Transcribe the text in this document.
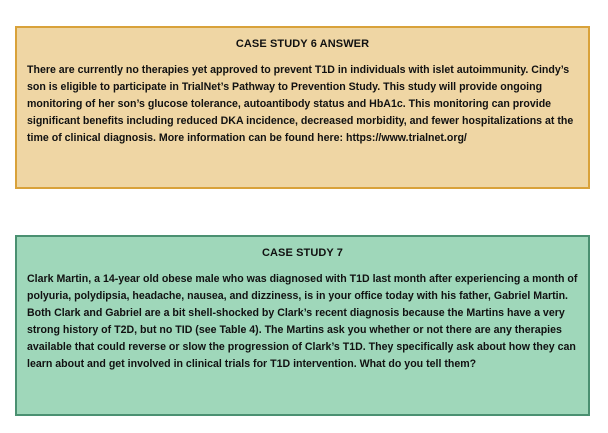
CASE STUDY 6 ANSWER

There are currently no therapies yet approved to prevent T1D in individuals with islet autoimmunity. Cindy’s son is eligible to participate in TrialNet’s Pathway to Prevention Study. This study will provide ongoing monitoring of her son’s glucose tolerance, autoantibody status and HbA1c. This monitoring can provide significant benefits including reduced DKA incidence, decreased morbidity, and fewer hospitalizations at the time of clinical diagnosis. More information can be found here: https://www.trialnet.org/

CASE STUDY 7

Clark Martin, a 14-year old obese male who was diagnosed with T1D last month after experiencing a month of polyuria, polydipsia, headache, nausea, and dizziness, is in your office today with his father, Gabriel Martin. Both Clark and Gabriel are a bit shell-shocked by Clark’s recent diagnosis because the Martins have a very strong history of T2D, but no TID (see Table 4). The Martins ask you whether or not there are any therapies available that could reverse or slow the progression of Clark’s T1D. They specifically ask about how they can learn about and get involved in clinical trials for T1D intervention. What do you tell them?
